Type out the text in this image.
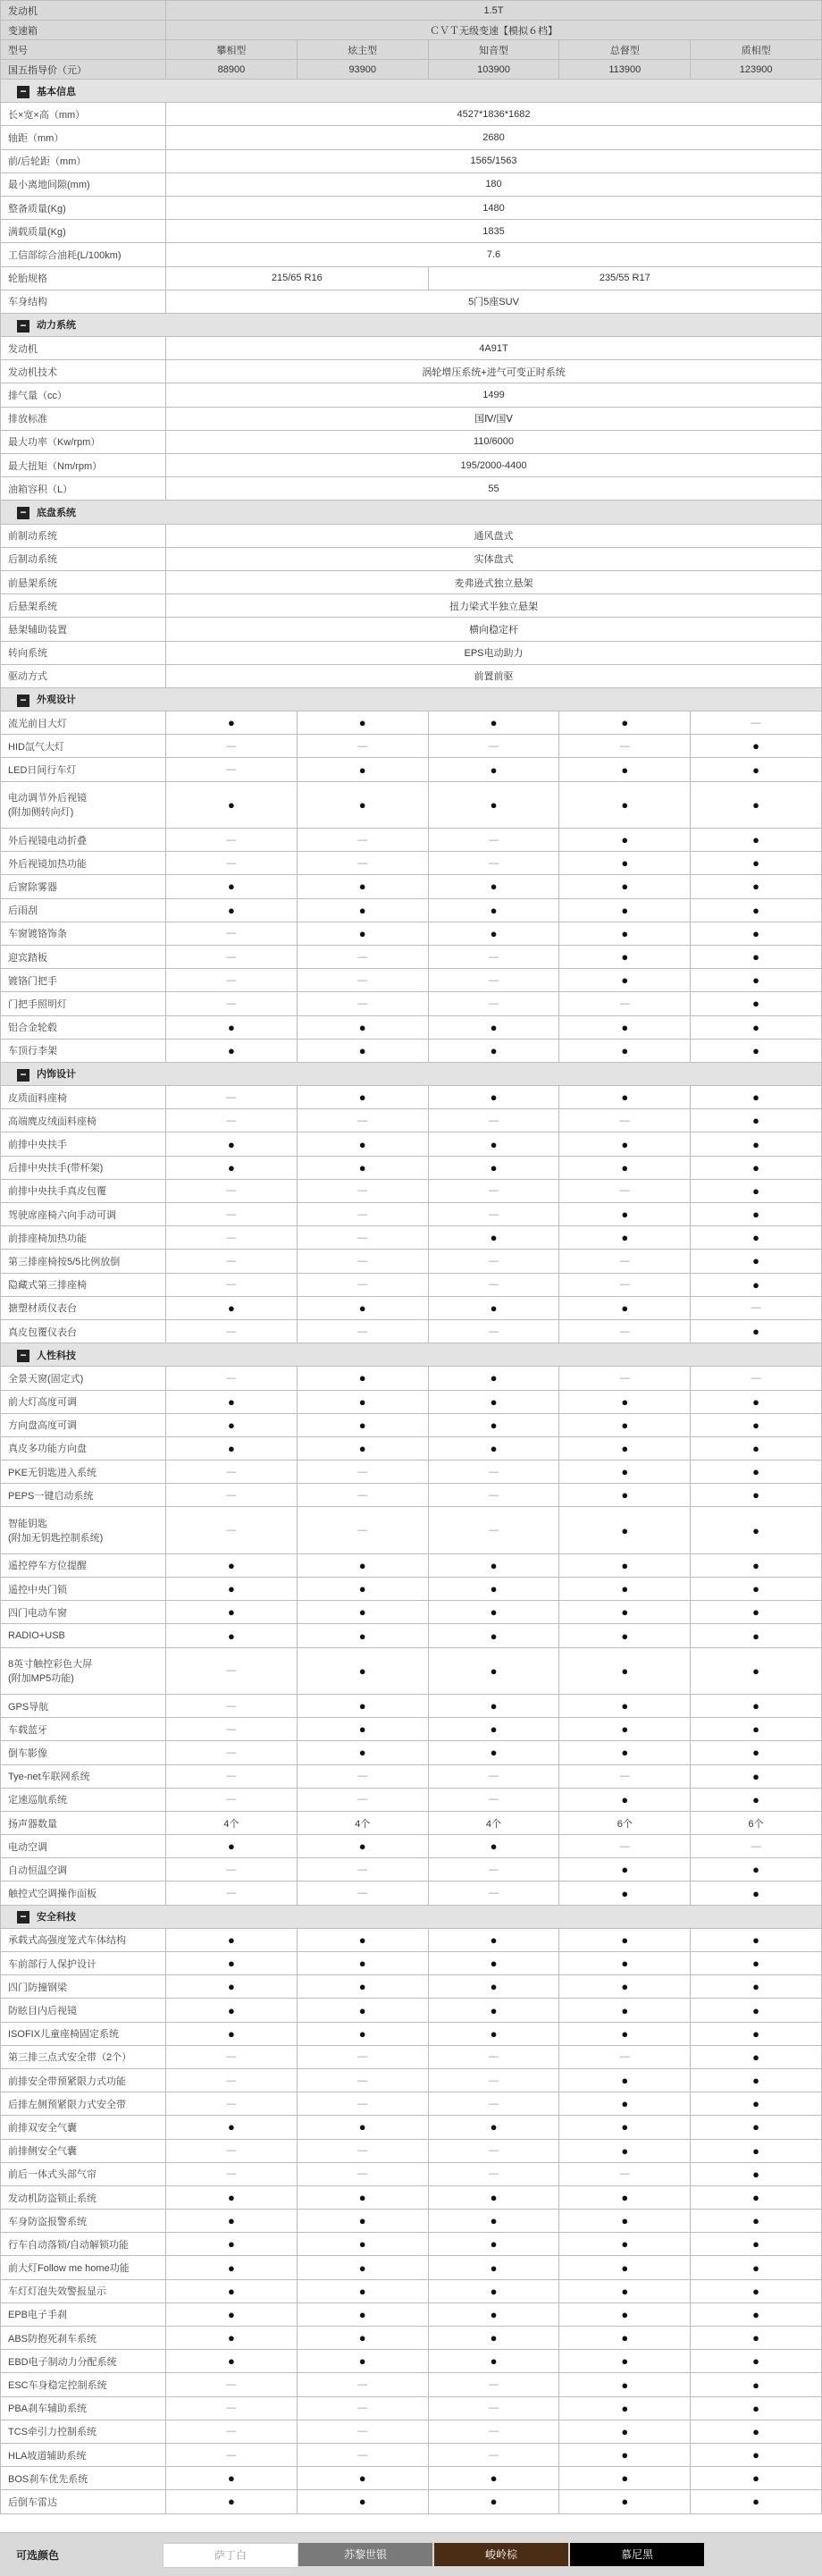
发动机	1.5T				
变速箱	ＣＶＴ无级变速【模拟６档】				
型号	攀相型	炫主型	知音型	总督型	质相型
国五指导价（元）	88900	93900	103900	113900	123900
− 基本信息					
长×宽×高（mm）	4527*1836*1682				
轴距（mm）	2680				
前/后轮距（mm）	1565/1563				
最小离地间隙(mm)	180				
整备质量(Kg)	1480				
满载质量(Kg)	1835				
工信部综合油耗(L/100km)	7.6				
轮胎规格	215/65 R16		235/55 R17		
车身结构	5门5座SUV				
− 动力系统					
发动机	4A91T				
发动机技术	涡轮增压系统+进气可变正时系统				
排气量（cc）	1499				
排放标准	国Ⅳ/国Ⅴ				
最大功率（Kw/rpm）	110/6000				
最大扭矩（Nm/rpm）	195/2000-4400				
油箱容积（L）	55				
− 底盘系统					
前制动系统	通风盘式				
后制动系统	实体盘式				
前悬架系统	麦弗逊式独立悬架				
后悬架系统	扭力梁式半独立悬架				
悬架辅助装置	横向稳定杆				
转向系统	EPS电动助力				
驱动方式	前置前驱				
− 外观设计					
流光前目大灯	●	●	●	●	—
HID氙气大灯	—	—	—	—	●
LED日间行车灯	—	●	●	●	●
电动调节外后视镜
(附加侧转向灯)	●	●	●	●	●
外后视镜电动折叠	—	—	—	●	●
外后视镜加热功能	—	—	—	●	●
后窗除雾器	●	●	●	●	●
后雨刮	●	●	●	●	●
车窗镀铬饰条	—	●	●	●	●
迎宾踏板	—	—	—	●	●
镀铬门把手	—	—	—	●	●
门把手照明灯	—	—	—	—	●
铝合金轮毂	●	●	●	●	●
车顶行李架	●	●	●	●	●
− 内饰设计					
皮质面料座椅	—	●	●	●	●
高端麂皮绒面料座椅	—	—	—	—	●
前排中央扶手	●	●	●	●	●
后排中央扶手(带杯架)	●	●	●	●	●
前排中央扶手真皮包覆	—	—	—	—	●
驾驶席座椅六向手动可调	—	—	—	●	●
前排座椅加热功能	—	—	●	●	●
第三排座椅按5/5比例放倒	—	—	—	—	●
隐藏式第三排座椅	—	—	—	—	●
搪塑材质仪表台	●	●	●	●	—
真皮包覆仪表台	—	—	—	—	●
− 人性科技					
全景天窗(固定式)	—	●	●	—	—
前大灯高度可调	●	●	●	●	●
方向盘高度可调	●	●	●	●	●
真皮多功能方向盘	●	●	●	●	●
PKE无钥匙进入系统	—	—	—	●	●
PEPS一键启动系统	—	—	—	●	●
智能钥匙
(附加无钥匙控制系统)	—	—	—	●	●
遥控停车方位提醒	●	●	●	●	●
遥控中央门锁	●	●	●	●	●
四门电动车窗	●	●	●	●	●
RADIO+USB	●	●	●	●	●
8英寸触控彩色大屏
(附加MP5功能)	—	●	●	●	●
GPS导航	—	●	●	●	●
车载蓝牙	—	●	●	●	●
倒车影像	—	●	●	●	●
Tye-net车联网系统	—	—	—	—	●
定速巡航系统	—	—	—	●	●
扬声器数量	4个	4个	4个	6个	6个
电动空调	●	●	●	—	—
自动恒温空调	—	—	—	●	●
触控式空调操作面板	—	—	—	●	●
− 安全科技					
承载式高强度笼式车体结构	●	●	●	●	●
车前部行人保护设计	●	●	●	●	●
四门防撞钢梁	●	●	●	●	●
防眩目内后视镜	●	●	●	●	●
ISOFIX儿童座椅固定系统	●	●	●	●	●
第三排三点式安全带（2个）	—	—	—	—	●
前排安全带预紧限力式功能	—	—	—	●	●
后排左侧预紧限力式安全带	—	—	—	●	●
前排双安全气囊	●	●	●	●	●
前排侧安全气囊	—	—	—	●	●
前后一体式头部气帘	—	—	—	—	●
发动机防盗锁止系统	●	●	●	●	●
车身防盗报警系统	●	●	●	●	●
行车自动落锁/自动解锁功能	●	●	●	●	●
前大灯Follow me home功能	●	●	●	●	●
车灯灯泡失效警报显示	●	●	●	●	●
EPB电子手刹	●	●	●	●	●
ABS防抱死刹车系统	●	●	●	●	●
EBD电子制动力分配系统	●	●	●	●	●
ESC车身稳定控制系统	—	—	—	●	●
PBA刹车辅助系统	—	—	—	●	●
TCS牵引力控制系统	—	—	—	●	●
HLA坡道辅助系统	—	—	—	●	●
BOS刹车优先系统	●	●	●	●	●
后倒车雷达	●	●	●	●	●
可选颜色	萨丁白	苏黎世银	峻岭棕	慕尼黑
